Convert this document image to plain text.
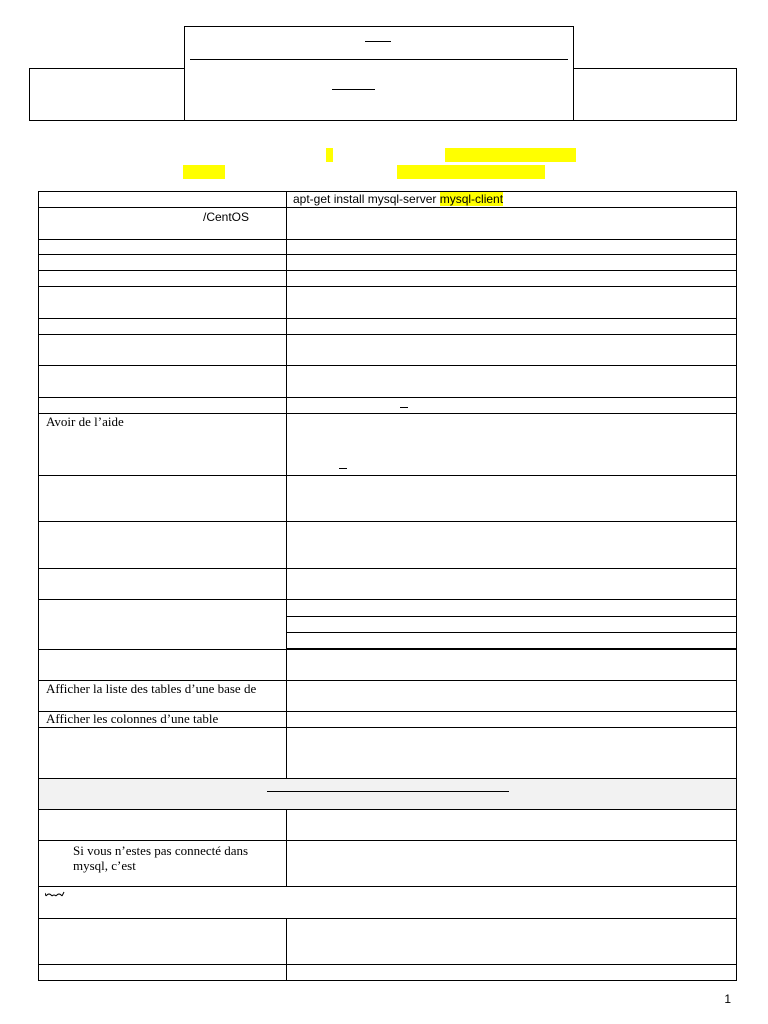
	apt-get install mysql-server mysql-client

/CentOS	

Avoir de l’aide	

Afficher la liste des tables d’une base de	

Afficher les colonnes d’une table	

Si vous n’estes pas connecté dans mysql, c’est	

1
